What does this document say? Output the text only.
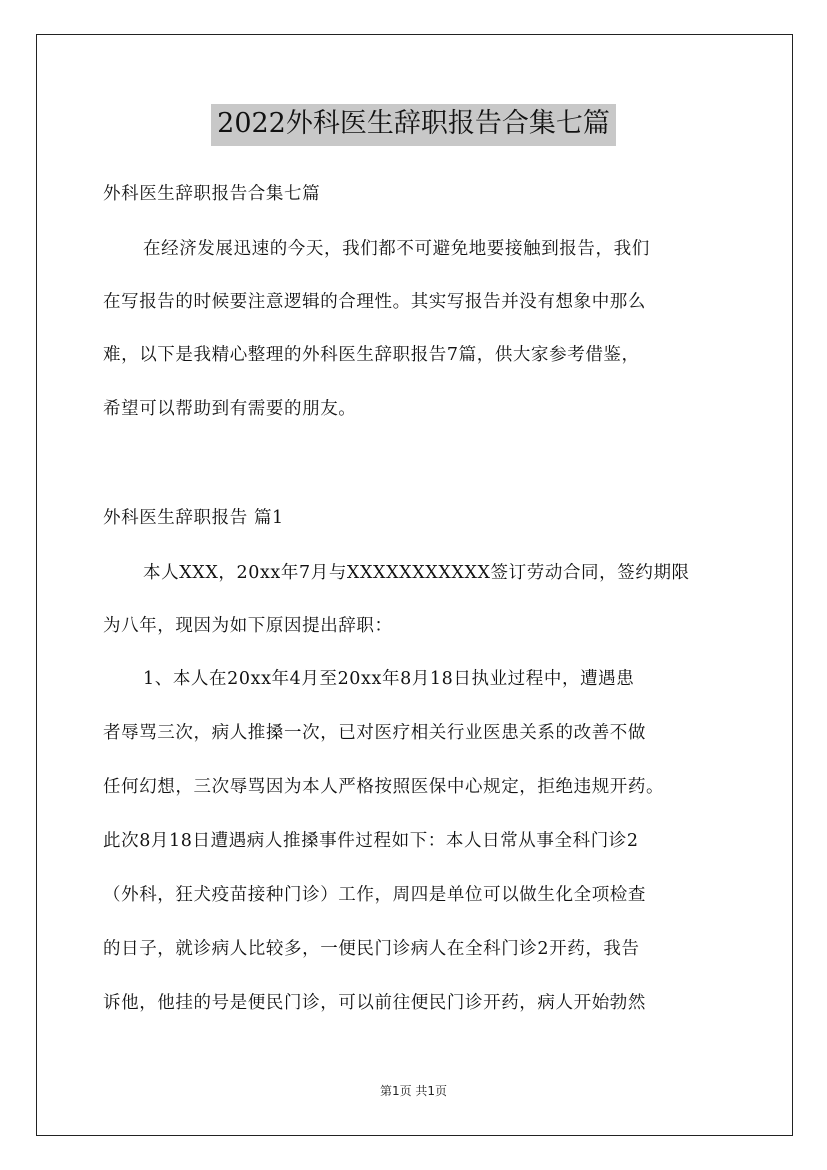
2022外科医生辞职报告合集七篇
外科医生辞职报告合集七篇
在经济发展迅速的今天，我们都不可避免地要接触到报告，我们
在写报告的时候要注意逻辑的合理性。其实写报告并没有想象中那么
难，以下是我精心整理的外科医生辞职报告7篇，供大家参考借鉴，
希望可以帮助到有需要的朋友。
外科医生辞职报告 篇1
本人XXX，20xx年7月与XXXXXXXXXXX签订劳动合同，签约期限
为八年，现因为如下原因提出辞职：
1、本人在20xx年4月至20xx年8月18日执业过程中，遭遇患
者辱骂三次，病人推搡一次，已对医疗相关行业医患关系的改善不做
任何幻想，三次辱骂因为本人严格按照医保中心规定，拒绝违规开药。
此次8月18日遭遇病人推搡事件过程如下：本人日常从事全科门诊2
（外科，狂犬疫苗接种门诊）工作，周四是单位可以做生化全项检查
的日子，就诊病人比较多，一便民门诊病人在全科门诊2开药，我告
诉他，他挂的号是便民门诊，可以前往便民门诊开药，病人开始勃然
第1页 共1页
